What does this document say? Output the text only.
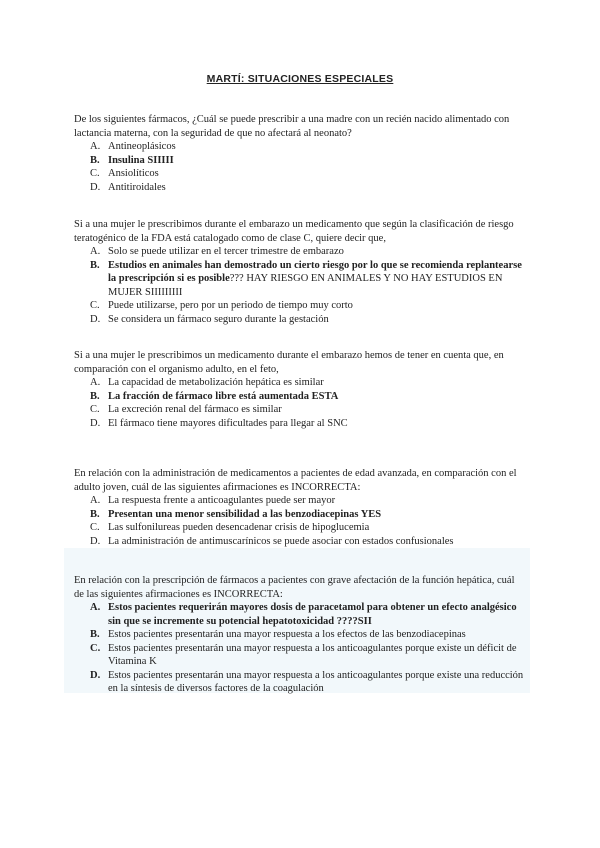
MARTÍ: SITUACIONES ESPECIALES

De los siguientes fármacos, ¿Cuál se puede prescribir a una madre con un recién nacido alimentado con lactancia materna, con la seguridad de que no afectará al neonato?

A. Antineoplásicos
B. Insulina SIIIII
C. Ansiolíticos
D. Antitiroidales

Si a una mujer le prescribimos durante el embarazo un medicamento que según la clasificación de riesgo teratogénico de la FDA está catalogado como de clase C, quiere decir que,

A. Solo se puede utilizar en el tercer trimestre de embarazo
B. Estudios en animales han demostrado un cierto riesgo por lo que se recomienda replantearse la prescripción si es posible??? HAY RIESGO EN ANIMALES Y NO HAY ESTUDIOS EN MUJER SIIIIIIIII
C. Puede utilizarse, pero por un periodo de tiempo muy corto
D. Se considera un fármaco seguro durante la gestación

Si a una mujer le prescribimos un medicamento durante el embarazo hemos de tener en cuenta que, en comparación con el organismo adulto, en el feto,

A. La capacidad de metabolización hepática es similar
B. La fracción de fármaco libre está aumentada ESTA
C. La excreción renal del fármaco es similar
D. El fármaco tiene mayores dificultades para llegar al SNC

En relación con la administración de medicamentos a pacientes de edad avanzada, en comparación con el adulto joven, cuál de las siguientes afirmaciones es INCORRECTA:

A. La respuesta frente a anticoagulantes puede ser mayor
B. Presentan una menor sensibilidad a las benzodiacepinas YES
C. Las sulfonilureas pueden desencadenar crisis de hipoglucemia
D. La administración de antimuscarínicos se puede asociar con estados confusionales

En relación con la prescripción de fármacos a pacientes con grave afectación de la función hepática, cuál de las siguientes afirmaciones es INCORRECTA:

A. Estos pacientes requerirán mayores dosis de paracetamol para obtener un efecto analgésico sin que se incremente su potencial hepatotoxicidad ????SII
B. Estos pacientes presentarán una mayor respuesta a los efectos de las benzodiacepinas
C. Estos pacientes presentarán una mayor respuesta a los anticoagulantes porque existe un déficit de Vitamina K
D. Estos pacientes presentarán una mayor respuesta a los anticoagulantes porque existe una reducción en la síntesis de diversos factores de la coagulación
